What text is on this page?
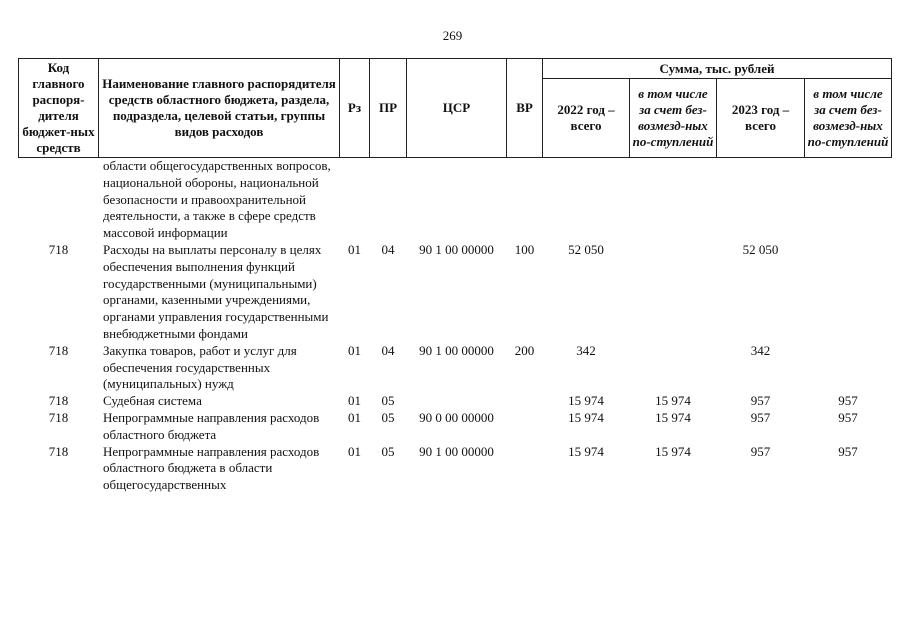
269
Код главного распоря-дителя бюджет-ных средств	Наименование главного распорядителя средств областного бюджета, раздела, подраздела, целевой статьи, группы видов расходов	Рз	ПР	ЦСР	ВР	Сумма, тыс. рублей			
						2022 год – всего	в том числе за счет без-возмезд-ных по-ступлений	2023 год – всего	в том числе за счет без-возмезд-ных по-ступлений
	области общегосударственных вопросов, национальной обороны, национальной безопасности и правоохранительной деятельности, а также в сфере средств массовой информации								
718	Расходы на выплаты персоналу в целях обеспечения выполнения функций государственными (муниципальными) органами, казенными учреждениями, органами управления государственными внебюджетными фондами	01	04	90 1 00 00000	100	52 050		52 050	
718	Закупка товаров, работ и услуг для обеспечения государственных (муниципальных) нужд	01	04	90 1 00 00000	200	342		342	
718	Судебная система	01	05			15 974	15 974	957	957
718	Непрограммные направления расходов областного бюджета	01	05	90 0 00 00000		15 974	15 974	957	957
718	Непрограммные направления расходов областного бюджета в области общегосударственных	01	05	90 1 00 00000		15 974	15 974	957	957
